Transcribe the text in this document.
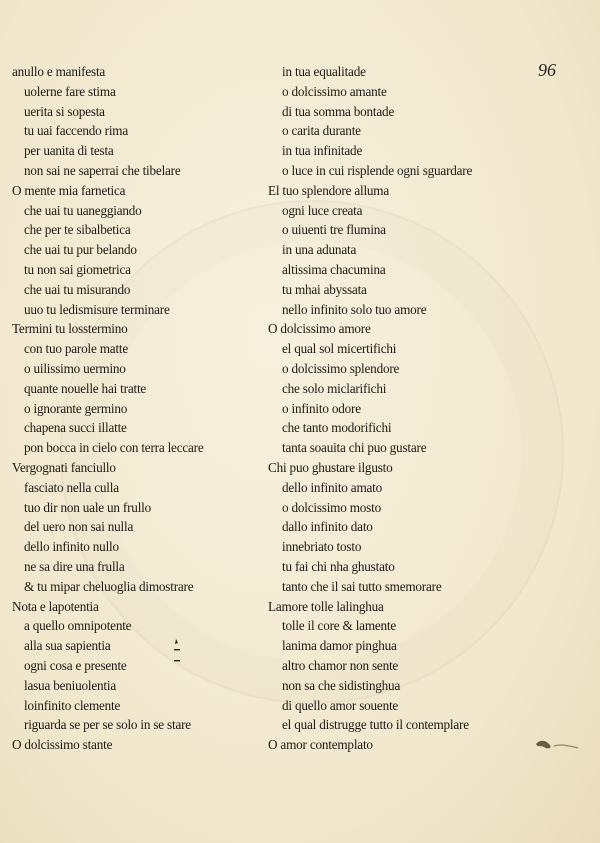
96
anullo e manifesta
uolerne fare stima
uerita si sopesta
tu uai faccendo rima
per uanita di testa
non sai ne saperrai che tibelare
O mente mia farnetica
che uai tu uaneggiando
che per te sibalbetica
che uai tu pur belando
tu non sai giometrica
che uai tu misurando
uuo tu ledismisure terminare
Termini tu losstermino
con tuo parole matte
o uilissimo uermino
quante nouelle hai tratte
o ignorante germino
chapena succi illatte
pon bocca in cielo con terra leccare
Vergognati fanciullo
fasciato nella culla
tuo dir non uale un frullo
del uero non sai nulla
dello infinito nullo
ne sa dire una frulla
& tu mipar cheluoglia dimostrare
Nota e lapotentia
a quello omnipotente
alla sua sapientia
ogni cosa e presente
lasua beniuolentia
loinfinito clemente
riguarda se per se solo in se stare
O dolcissimo stante
in tua equalitade
o dolcissimo amante
di tua somma bontade
o carita durante
in tua infinitade
o luce in cui risplende ogni sguardare
El tuo splendore alluma
ogni luce creata
o uiuenti tre flumina
in una adunata
altissima chacumina
tu mhai abyssata
nello infinito solo tuo amore
O dolcissimo amore
el qual sol micertifichi
o dolcissimo splendore
che solo miclarifichi
o infinito odore
che tanto modorifichi
tanta soauita chi puo gustare
Chi puo ghustare ilgusto
dello infinito amato
o dolcissimo mosto
dallo infinito dato
innebriato tosto
tu fai chi nha ghustato
tanto che il sai tutto smemorare
Lamore tolle lalinghua
tolle il core & lamente
lanima damor pinghua
altro chamor non sente
non sa che sidistinghua
di quello amor souente
el qual distrugge tutto il contemplare
O amor contemplato
